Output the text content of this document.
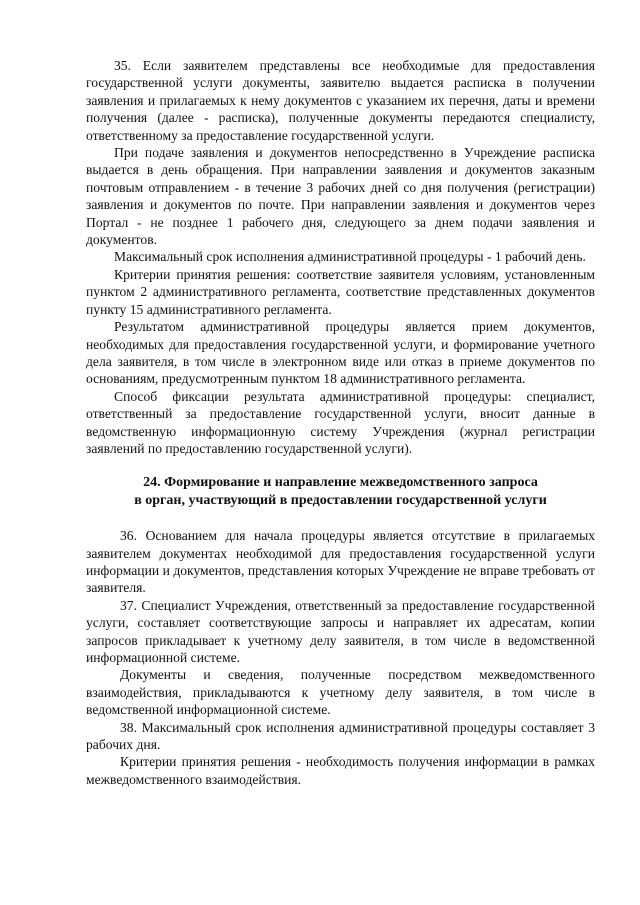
35. Если заявителем представлены все необходимые для предоставления государственной услуги документы, заявителю выдается расписка в получении заявления и прилагаемых к нему документов с указанием их перечня, даты и времени получения (далее - расписка), полученные документы передаются специалисту, ответственному за предоставление государственной услуги.

При подаче заявления и документов непосредственно в Учреждение расписка выдается в день обращения. При направлении заявления и документов заказным почтовым отправлением - в течение 3 рабочих дней со дня получения (регистрации) заявления и документов по почте. При направлении заявления и документов через Портал - не позднее 1 рабочего дня, следующего за днем подачи заявления и документов.

Максимальный срок исполнения административной процедуры - 1 рабочий день.

Критерии принятия решения: соответствие заявителя условиям, установленным пунктом 2 административного регламента, соответствие представленных документов пункту 15 административного регламента.

Результатом административной процедуры является прием документов, необходимых для предоставления государственной услуги, и формирование учетного дела заявителя, в том числе в электронном виде или отказ в приеме документов по основаниям, предусмотренным пунктом 18 административного регламента.

Способ фиксации результата административной процедуры: специалист, ответственный за предоставление государственной услуги, вносит данные в ведомственную информационную систему Учреждения (журнал регистрации заявлений по предоставлению государственной услуги).

24. Формирование и направление межведомственного запроса
в орган, участвующий в предоставлении государственной услуги

36. Основанием для начала процедуры является отсутствие в прилагаемых заявителем документах необходимой для предоставления государственной услуги информации и документов, представления которых Учреждение не вправе требовать от заявителя.

37. Специалист Учреждения, ответственный за предоставление государственной услуги, составляет соответствующие запросы и направляет их адресатам, копии запросов прикладывает к учетному делу заявителя, в том числе в ведомственной информационной системе.

Документы и сведения, полученные посредством межведомственного взаимодействия, прикладываются к учетному делу заявителя, в том числе в ведомственной информационной системе.

38. Максимальный срок исполнения административной процедуры составляет 3 рабочих дня.

Критерии принятия решения - необходимость получения информации в рамках межведомственного взаимодействия.
